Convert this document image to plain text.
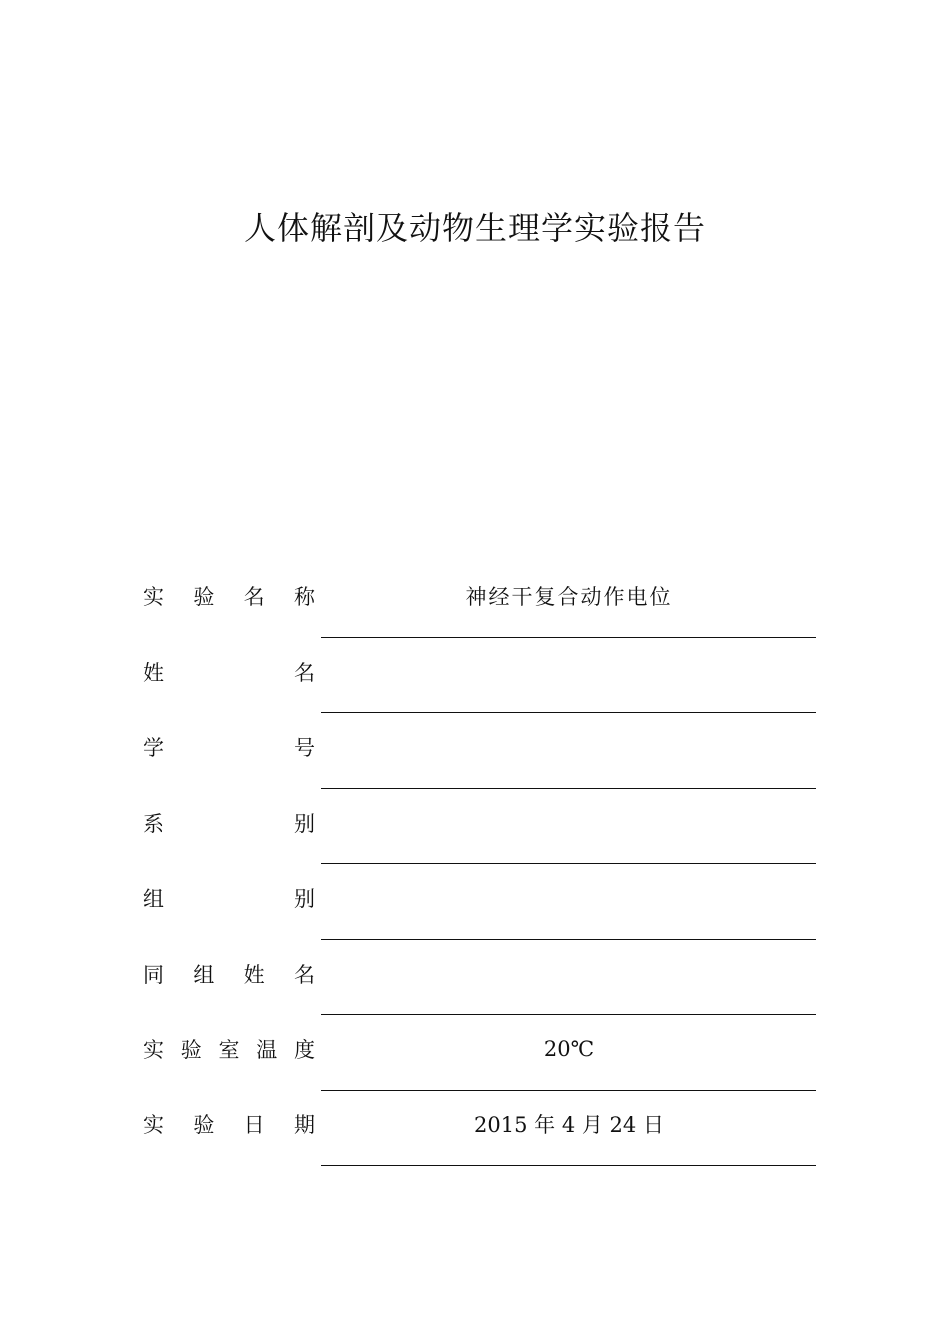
人体解剖及动物生理学实验报告
实 验 名 称	神经干复合动作电位
姓	名
学	号
系	别
组	别
同 组 姓 名
实 验 室 温 度	20℃
实 验 日 期	2015 年 4 月 24 日
